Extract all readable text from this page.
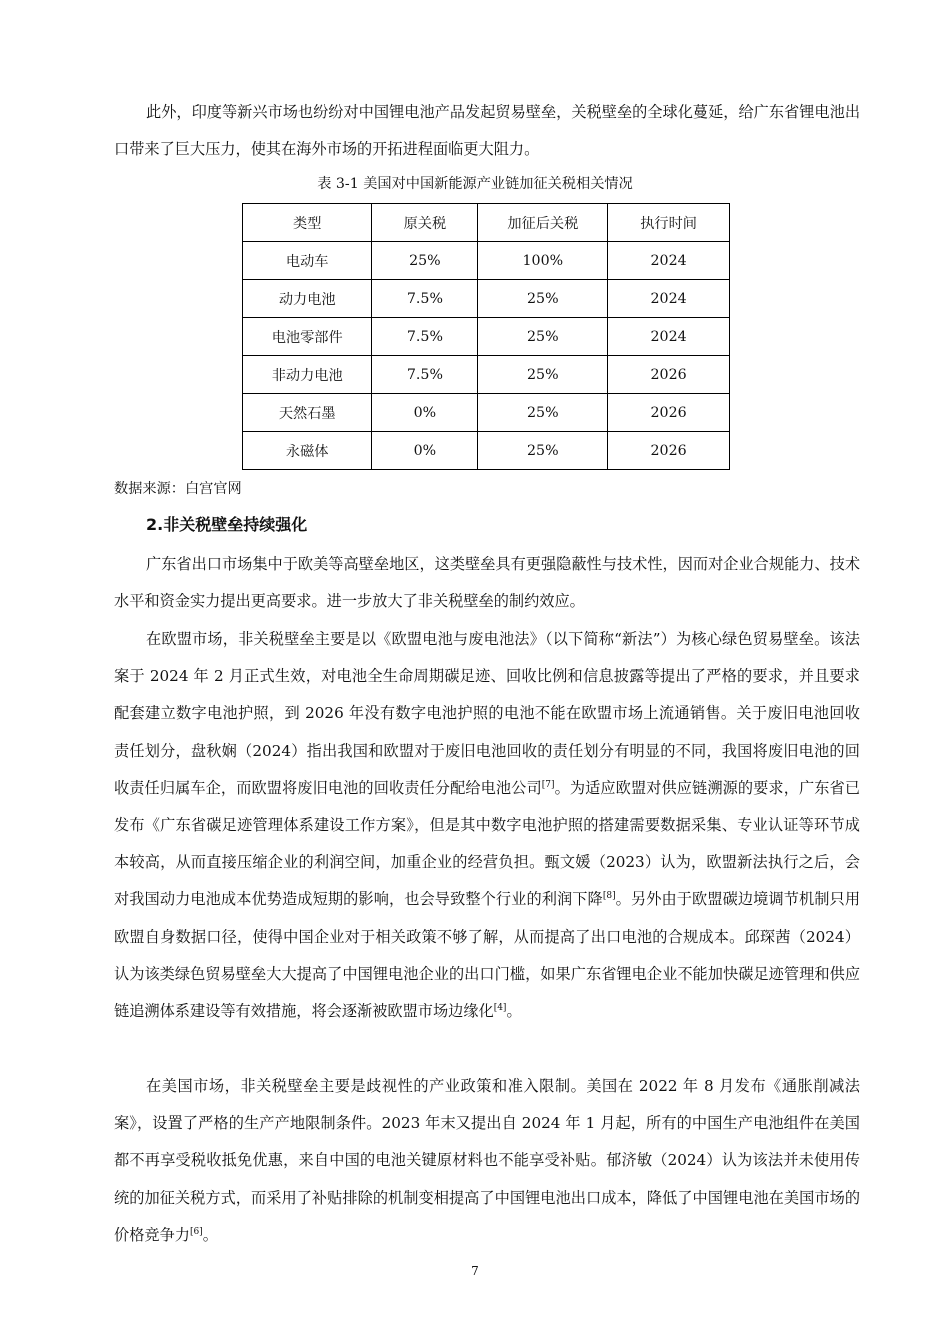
此外，印度等新兴市场也纷纷对中国锂电池产品发起贸易壁垒，关税壁垒的全球化蔓延，给广东省锂电池出口带来了巨大压力，使其在海外市场的开拓进程面临更大阻力。

表 3-1 美国对中国新能源产业链加征关税相关情况
类型	原关税	加征后关税	执行时间
电动车	25%	100%	2024
动力电池	7.5%	25%	2024
电池零部件	7.5%	25%	2024
非动力电池	7.5%	25%	2026
天然石墨	0%	25%	2026
永磁体	0%	25%	2026
数据来源：白宫官网
2.非关税壁垒持续强化

广东省出口市场集中于欧美等高壁垒地区，这类壁垒具有更强隐蔽性与技术性，因而对企业合规能力、技术水平和资金实力提出更高要求。进一步放大了非关税壁垒的制约效应。

在欧盟市场，非关税壁垒主要是以《欧盟电池与废电池法》（以下简称“新法”）为核心绿色贸易壁垒。该法案于 2024 年 2 月正式生效，对电池全生命周期碳足迹、回收比例和信息披露等提出了严格的要求，并且要求配套建立数字电池护照，到 2026 年没有数字电池护照的电池不能在欧盟市场上流通销售。关于废旧电池回收责任划分，盘秋娴（2024）指出我国和欧盟对于废旧电池回收的责任划分有明显的不同，我国将废旧电池的回收责任归属车企，而欧盟将废旧电池的回收责任分配给电池公司[7]。为适应欧盟对供应链溯源的要求，广东省已发布《广东省碳足迹管理体系建设工作方案》，但是其中数字电池护照的搭建需要数据采集、专业认证等环节成本较高，从而直接压缩企业的利润空间，加重企业的经营负担。甄文媛（2023）认为，欧盟新法执行之后，会对我国动力电池成本优势造成短期的影响，也会导致整个行业的利润下降[8]。另外由于欧盟碳边境调节机制只用欧盟自身数据口径，使得中国企业对于相关政策不够了解，从而提高了出口电池的合规成本。邱琛茜（2024）认为该类绿色贸易壁垒大大提高了中国锂电池企业的出口门槛，如果广东省锂电企业不能加快碳足迹管理和供应链追溯体系建设等有效措施，将会逐渐被欧盟市场边缘化[4]。

在美国市场，非关税壁垒主要是歧视性的产业政策和准入限制。美国在 2022 年 8 月发布《通胀削减法案》，设置了严格的生产产地限制条件。2023 年末又提出自 2024 年 1 月起，所有的中国生产电池组件在美国都不再享受税收抵免优惠，来自中国的电池关键原材料也不能享受补贴。郁济敏（2024）认为该法并未使用传统的加征关税方式，而采用了补贴排除的机制变相提高了中国锂电池出口成本，降低了中国锂电池在美国市场的价格竞争力[6]。

7
